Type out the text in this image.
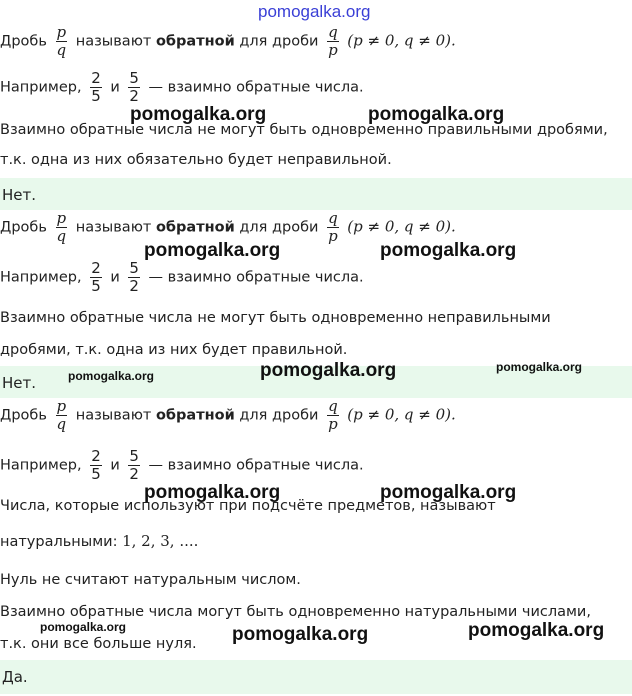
pomogalka.org
Дробь $\frac{p}{q}$ называют обратной для дроби $\frac{q}{p} (p \ne 0$, q ≠ 0).
Например, $\frac{2}{5}$ и $\frac{5}{2}$ — взаимно обратные числа.
Взаимно обратные числа не могут быть одновременно правильными дробями,
т.к. одна из них обязательно будет неправильной.
Нет.
Дробь $\frac{p}{q}$ называют обратной для дроби $\frac{q}{p} (p \ne 0$, q ≠ 0).
Например, $\frac{2}{5}$ и $\frac{5}{2}$ — взаимно обратные числа.
Взаимно обратные числа не могут быть одновременно неправильными
дробями, т.к. одна из них будет правильной.
Нет.
Дробь $\frac{p}{q}$ называют обратной для дроби $\frac{q}{p} (p \ne 0$, q ≠ 0).
Например, $\frac{2}{5}$ и $\frac{5}{2}$ — взаимно обратные числа.
Числа, которые используют при подсчёте предметов, называют
натуральными: 1, 2, 3, ....
Нуль не считают натуральным числом.
Взаимно обратные числа могут быть одновременно натуральными числами,
т.к. они все больше нуля.
Да.
pomogalka.org	pomogalka.org
pomogalka.org	pomogalka.org
pomogalka.org	pomogalka.org	pomogalka.org
pomogalka.org	pomogalka.org
pomogalka.org	pomogalka.org	pomogalka.org
